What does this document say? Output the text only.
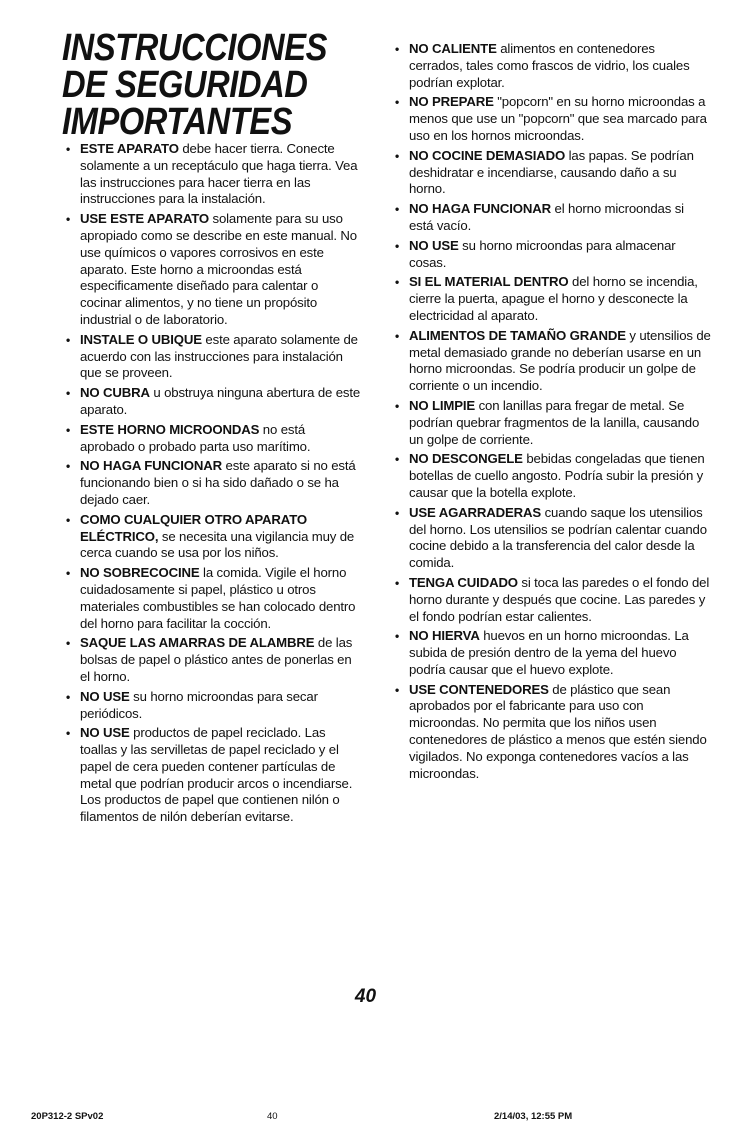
INSTRUCCIONES
DE SEGURIDAD
IMPORTANTES
• ESTE APARATO debe hacer tierra. Conecte solamente a un receptáculo que haga tierra. Vea las instrucciones para hacer tierra en las instrucciones para la instalación.
• USE ESTE APARATO solamente para su uso apropiado como se describe en este manual. No use químicos o vapores corrosivos en este aparato. Este horno a microondas está especificamente diseñado para calentar o cocinar alimentos, y no tiene un propósito industrial o de laboratorio.
• INSTALE O UBIQUE este aparato solamente de acuerdo con las instrucciones para instalación que se proveen.
• NO CUBRA u obstruya ninguna abertura de este aparato.
• ESTE HORNO MICROONDAS no está aprobado o probado parta uso marítimo.
• NO HAGA FUNCIONAR este aparato si no está funcionando bien o si ha sido dañado o se ha dejado caer.
• COMO CUALQUIER OTRO APARATO ELÉCTRICO, se necesita una vigilancia muy de cerca cuando se usa por los niños.
• NO SOBRECOCINE la comida. Vigile el horno cuidadosamente si papel, plástico u otros materiales combustibles se han colocado dentro del horno para facilitar la cocción.
• SAQUE LAS AMARRAS DE ALAMBRE de las bolsas de papel o plástico antes de ponerlas en el horno.
• NO USE su horno microondas para secar periódicos.
• NO USE productos de papel reciclado. Las toallas y las servilletas de papel reciclado y el papel de cera pueden contener partículas de metal que podrían producir arcos o incendiarse. Los productos de papel que contienen nilón o filamentos de nilón deberían evitarse.
• NO CALIENTE alimentos en contenedores cerrados, tales como frascos de vidrio, los cuales podrían explotar.
• NO PREPARE "popcorn" en su horno microondas a menos que use un "popcorn" que sea marcado para uso en los hornos microondas.
• NO COCINE DEMASIADO las papas. Se podrían deshidratar e incendiarse, causando daño a su horno.
• NO HAGA FUNCIONAR el horno microondas si está vacío.
• NO USE su horno microondas para almacenar cosas.
• SI EL MATERIAL DENTRO del horno se incendia, cierre la puerta, apague el horno y desconecte la electricidad al aparato.
• ALIMENTOS DE TAMAÑO GRANDE y utensilios de metal demasiado grande no deberían usarse en un horno microondas. Se podría producir un golpe de corriente o un incendio.
• NO LIMPIE con lanillas para fregar de metal. Se podrían quebrar fragmentos de la lanilla, causando un golpe de corriente.
• NO DESCONGELE bebidas congeladas que tienen botellas de cuello angosto. Podría subir la presión y causar que la botella explote.
• USE AGARRADERAS cuando saque los utensilios del horno. Los utensilios se podrían calentar cuando cocine debido a la transferencia del calor desde la comida.
• TENGA CUIDADO si toca las paredes o el fondo del horno durante y después que cocine. Las paredes y el fondo podrían estar calientes.
• NO HIERVA huevos en un horno microondas. La subida de presión dentro de la yema del huevo podría causar que el huevo explote.
• USE CONTENEDORES de plástico que sean aprobados por el fabricante para uso con microondas. No permita que los niños usen contenedores de plástico a menos que estén siendo vigilados. No exponga contenedores vacíos a las microondas.
40
20P312-2 SPv02	40	2/14/03, 12:55 PM
